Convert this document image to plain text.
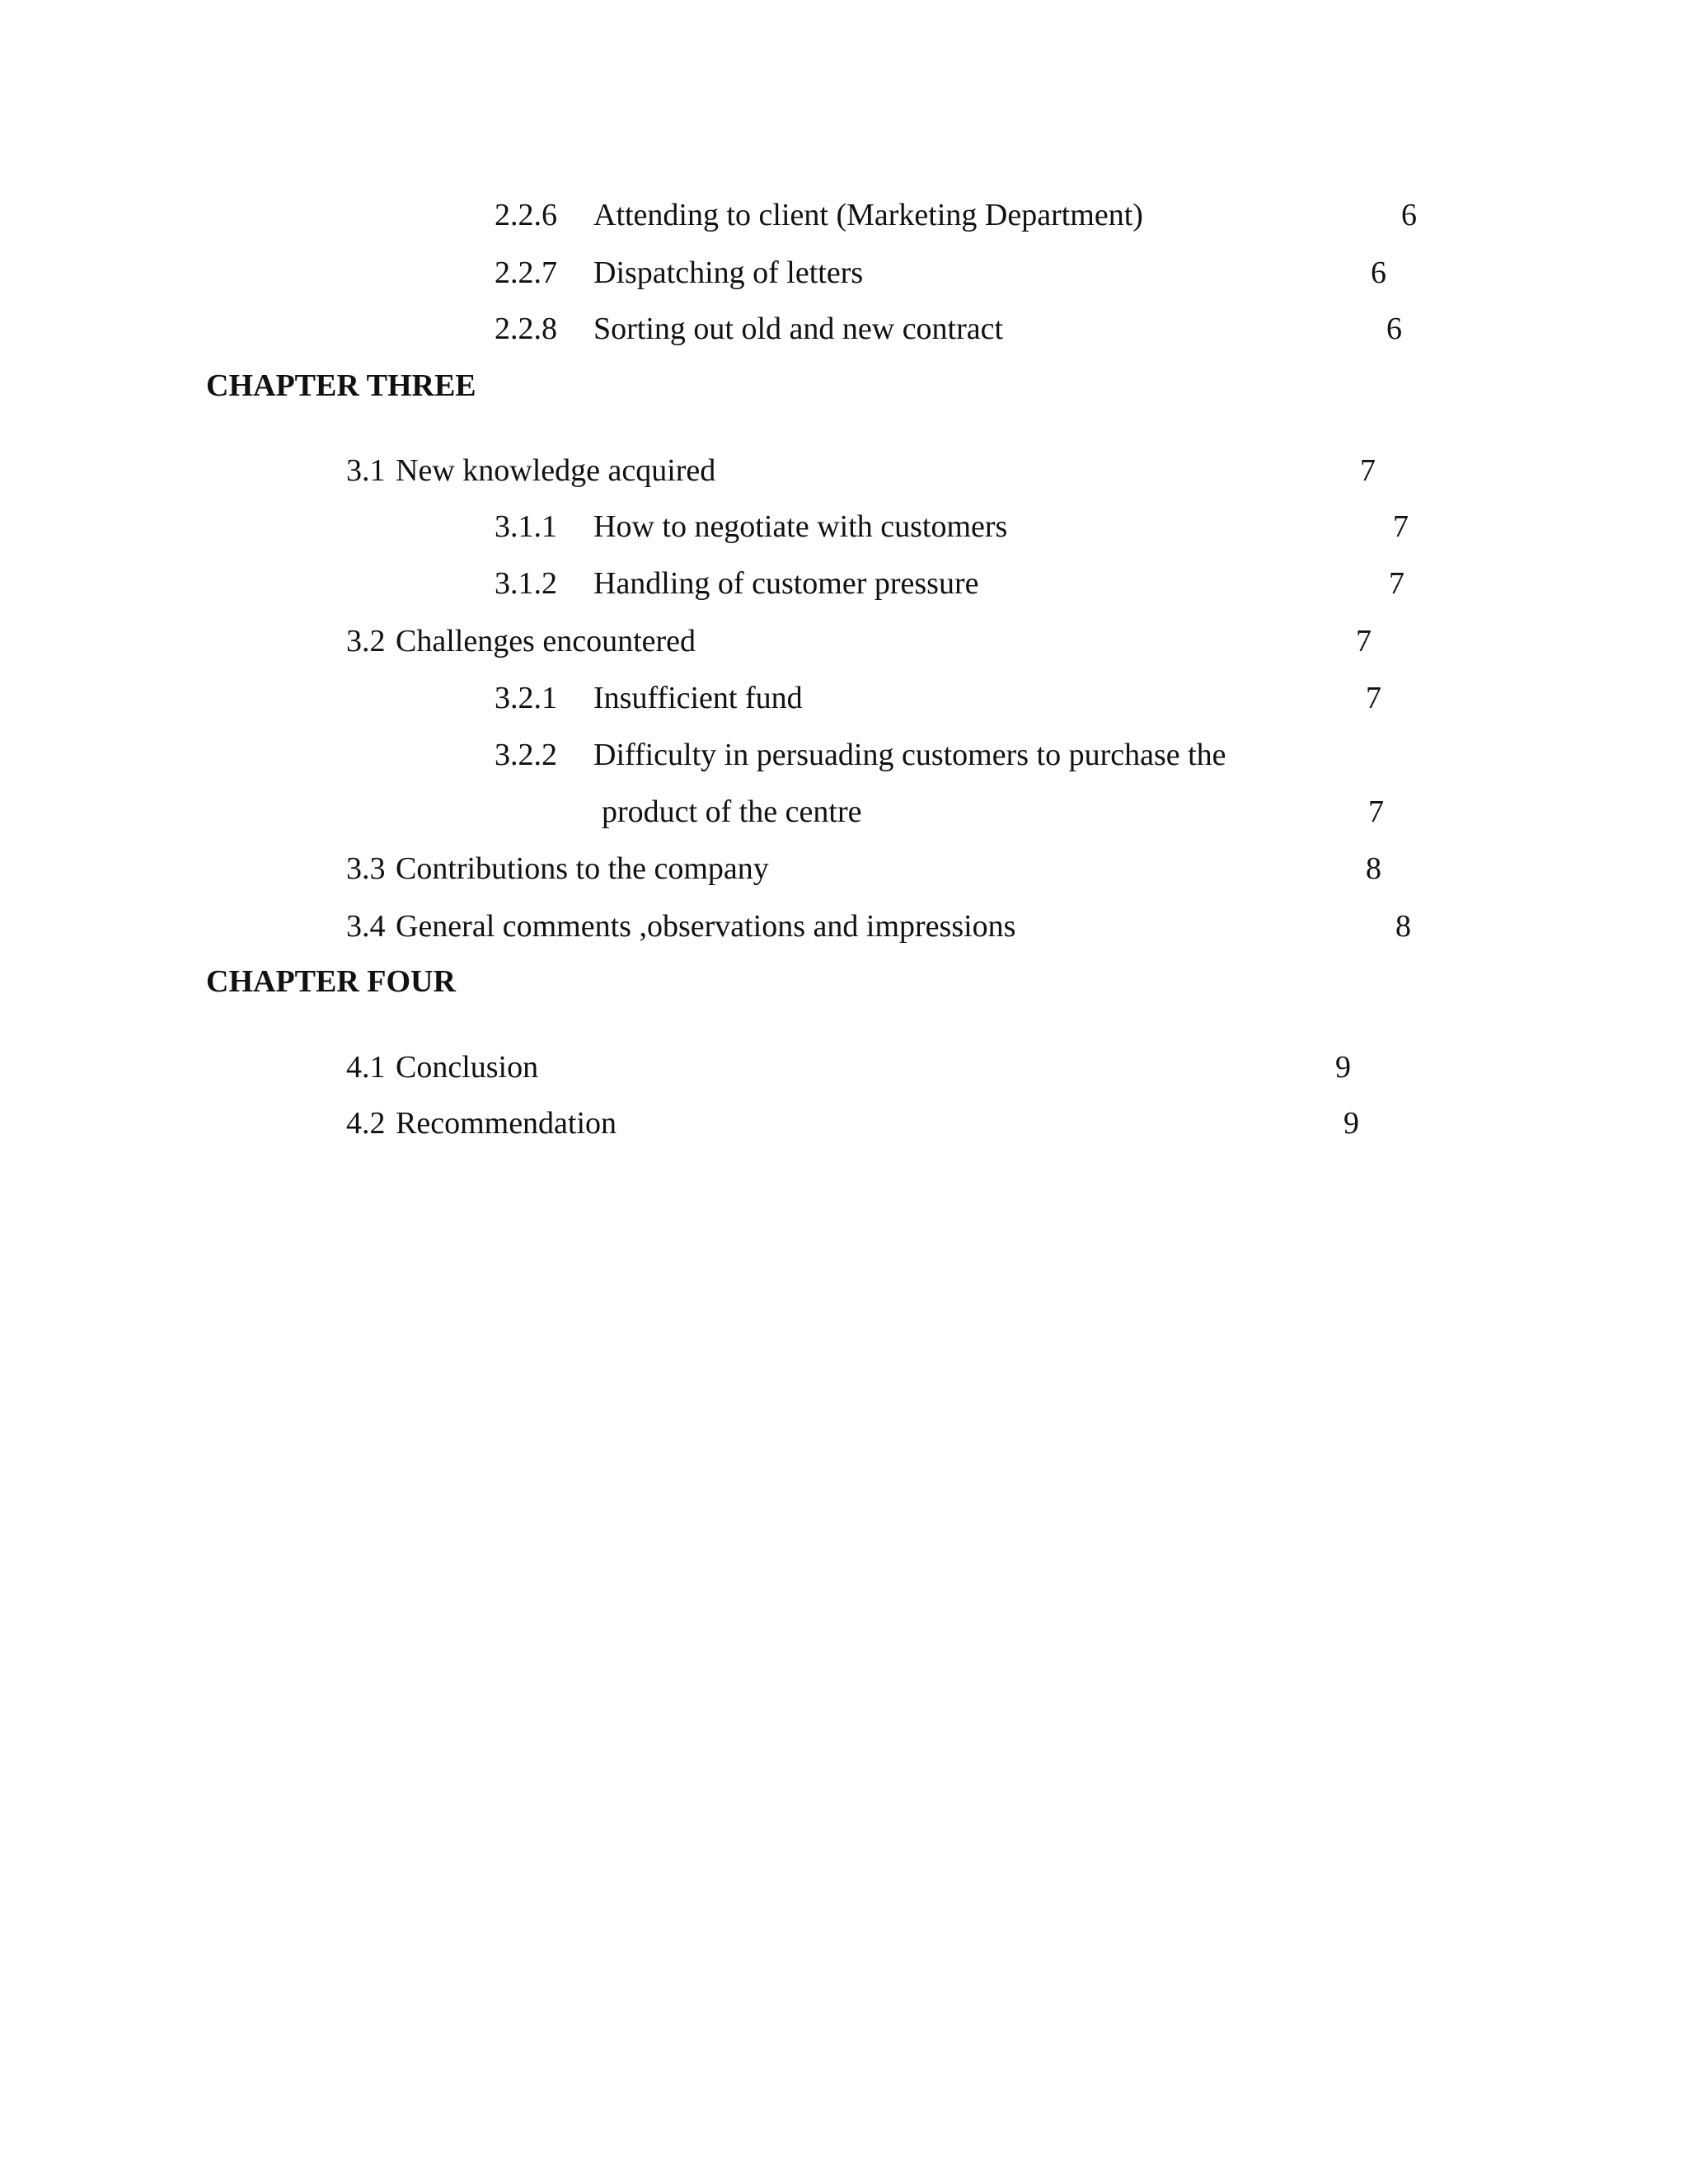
2.2.6 Attending to client (Marketing Department)	6
2.2.7 Dispatching of letters	6
2.2.8 Sorting out old and new contract	6
CHAPTER THREE
3.1 New knowledge acquired	7
3.1.1 How to negotiate with customers	7
3.1.2 Handling of customer pressure	7
3.2 Challenges encountered	7
3.2.1 Insufficient fund	7
3.2.2 Difficulty in persuading customers to purchase the
product of the centre	7
3.3 Contributions to the company	8
3.4 General comments ,observations and impressions	8
CHAPTER FOUR
4.1 Conclusion	9
4.2 Recommendation	9
